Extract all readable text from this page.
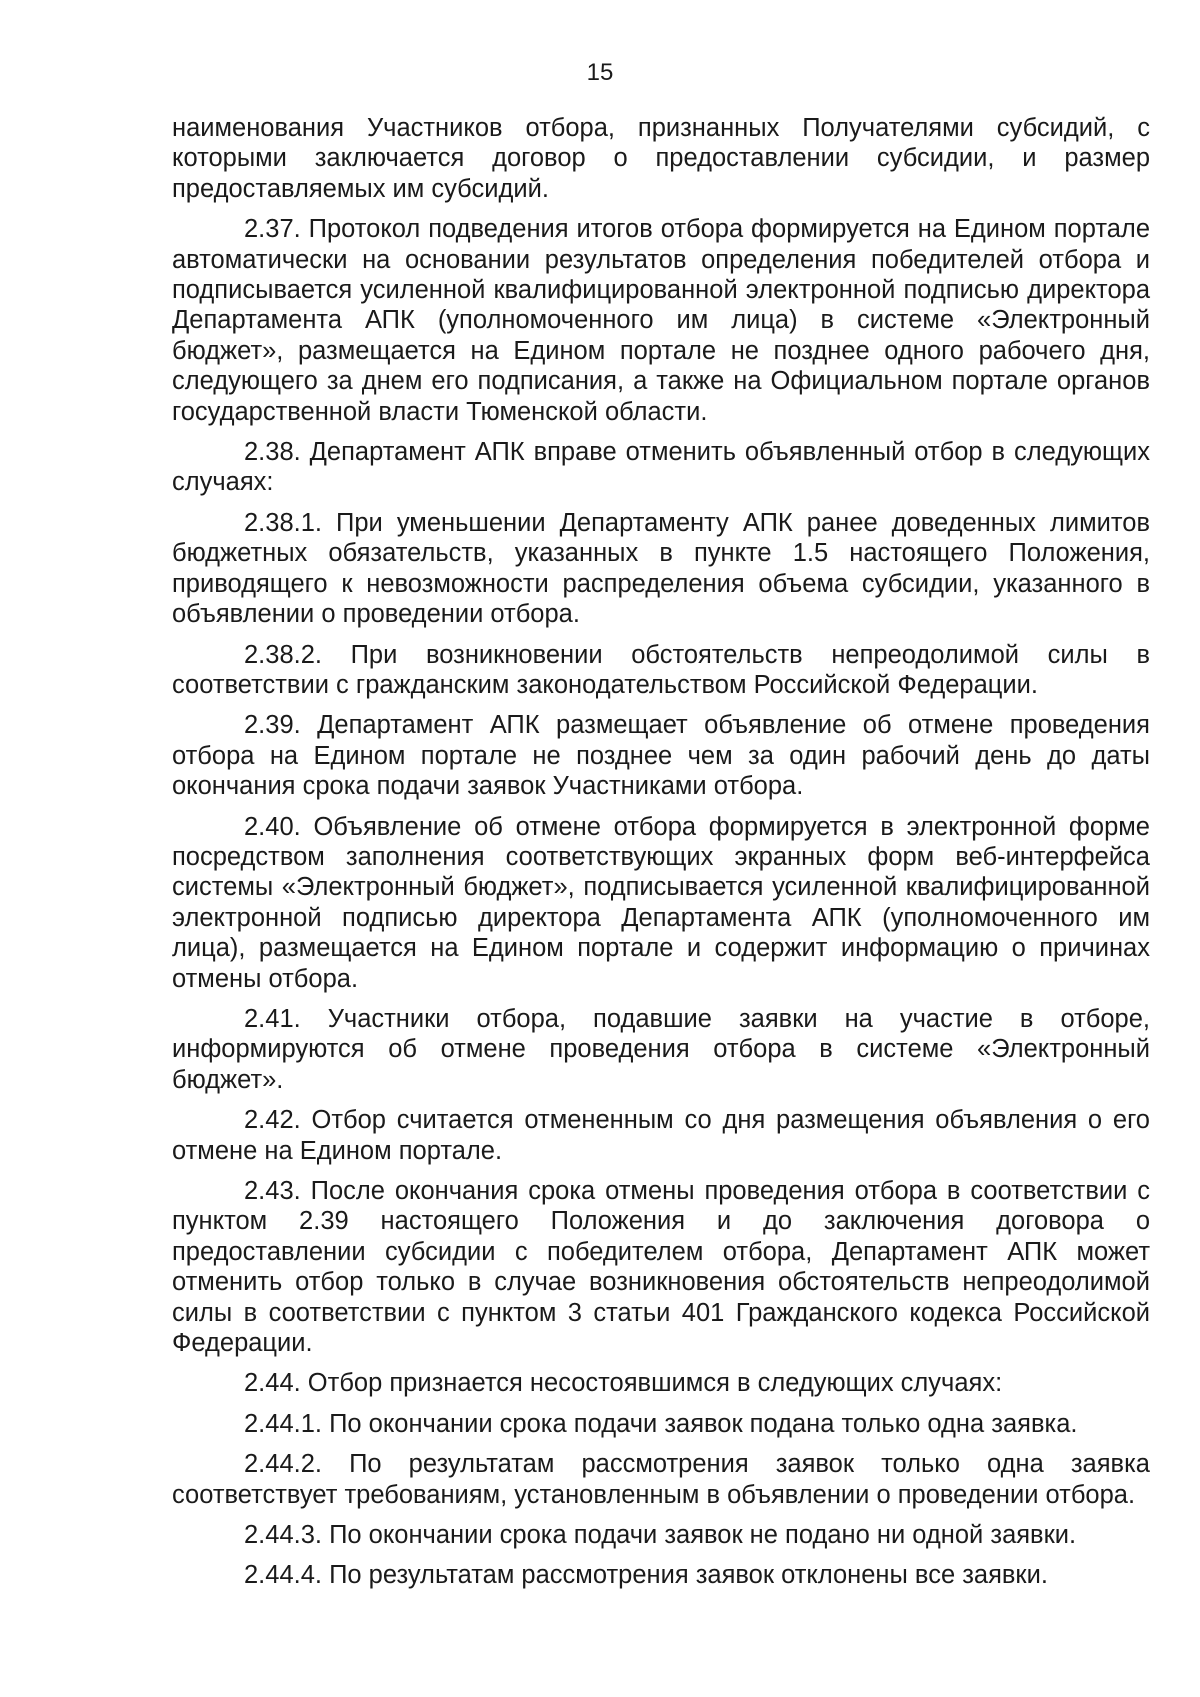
15

наименования Участников отбора, признанных Получателями субсидий, с которыми заключается договор о предоставлении субсидии, и размер предоставляемых им субсидий.

2.37. Протокол подведения итогов отбора формируется на Едином портале автоматически на основании результатов определения победителей отбора и подписывается усиленной квалифицированной электронной подписью директора Департамента АПК (уполномоченного им лица) в системе «Электронный бюджет», размещается на Едином портале не позднее одного рабочего дня, следующего за днем его подписания, а также на Официальном портале органов государственной власти Тюменской области.

2.38. Департамент АПК вправе отменить объявленный отбор в следующих случаях:

2.38.1. При уменьшении Департаменту АПК ранее доведенных лимитов бюджетных обязательств, указанных в пункте 1.5 настоящего Положения, приводящего к невозможности распределения объема субсидии, указанного в объявлении о проведении отбора.

2.38.2. При возникновении обстоятельств непреодолимой силы в соответствии с гражданским законодательством Российской Федерации.

2.39. Департамент АПК размещает объявление об отмене проведения отбора на Едином портале не позднее чем за один рабочий день до даты окончания срока подачи заявок Участниками отбора.

2.40. Объявление об отмене отбора формируется в электронной форме посредством заполнения соответствующих экранных форм веб-интерфейса системы «Электронный бюджет», подписывается усиленной квалифицированной электронной подписью директора Департамента АПК (уполномоченного им лица), размещается на Едином портале и содержит информацию о причинах отмены отбора.

2.41. Участники отбора, подавшие заявки на участие в отборе, информируются об отмене проведения отбора в системе «Электронный бюджет».

2.42. Отбор считается отмененным со дня размещения объявления о его отмене на Едином портале.

2.43. После окончания срока отмены проведения отбора в соответствии с пунктом 2.39 настоящего Положения и до заключения договора о предоставлении субсидии с победителем отбора, Департамент АПК может отменить отбор только в случае возникновения обстоятельств непреодолимой силы в соответствии с пунктом 3 статьи 401 Гражданского кодекса Российской Федерации.

2.44. Отбор признается несостоявшимся в следующих случаях:

2.44.1. По окончании срока подачи заявок подана только одна заявка.

2.44.2. По результатам рассмотрения заявок только одна заявка соответствует требованиям, установленным в объявлении о проведении отбора.

2.44.3. По окончании срока подачи заявок не подано ни одной заявки.

2.44.4. По результатам рассмотрения заявок отклонены все заявки.
